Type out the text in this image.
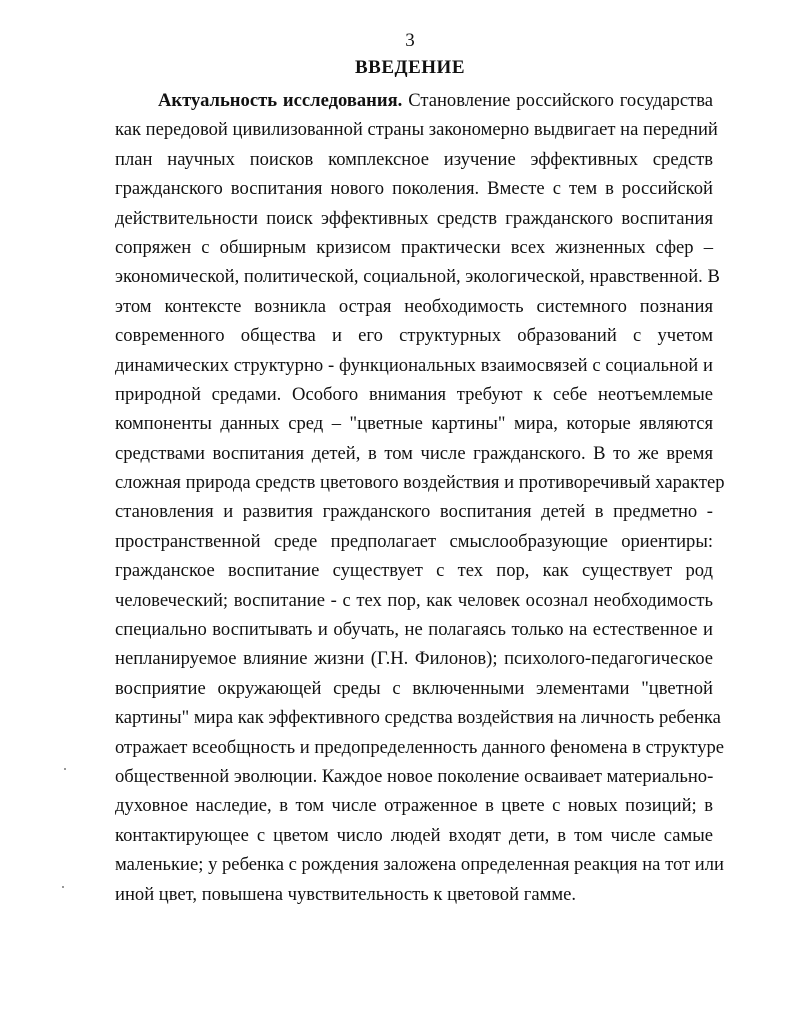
3
ВВЕДЕНИЕ
Актуальность исследования. Становление российского государства
как передовой цивилизованной страны закономерно выдвигает на передний
план научных поисков комплексное изучение эффективных средств
гражданского воспитания нового поколения. Вместе с тем в российской
действительности поиск эффективных средств гражданского воспитания
сопряжен с обширным кризисом практически всех жизненных сфер –
экономической, политической, социальной, экологической, нравственной. В
этом контексте возникла острая необходимость системного познания
современного общества и его структурных образований с учетом
динамических структурно - функциональных взаимосвязей с социальной и
природной средами. Особого внимания требуют к себе неотъемлемые
компоненты данных сред – "цветные картины" мира, которые являются
средствами воспитания детей, в том числе гражданского. В то же время
сложная природа средств цветового воздействия и противоречивый характер
становления и развития гражданского воспитания детей в предметно -
пространственной среде предполагает смыслообразующие ориентиры:
гражданское воспитание существует с тех пор, как существует род
человеческий; воспитание - с тех пор, как человек осознал необходимость
специально воспитывать и обучать, не полагаясь только на естественное и
непланируемое влияние жизни (Г.Н. Филонов); психолого-педагогическое
восприятие окружающей среды с включенными элементами "цветной
картины" мира как эффективного средства воздействия на личность ребенка
отражает всеобщность и предопределенность данного феномена в структуре
общественной эволюции. Каждое новое поколение осваивает материально-
духовное наследие, в том числе отраженное в цвете с новых позиций; в
контактирующее с цветом число людей входят дети, в том числе самые
маленькие; у ребенка с рождения заложена определенная реакция на тот или
иной цвет, повышена чувствительность к цветовой гамме.
